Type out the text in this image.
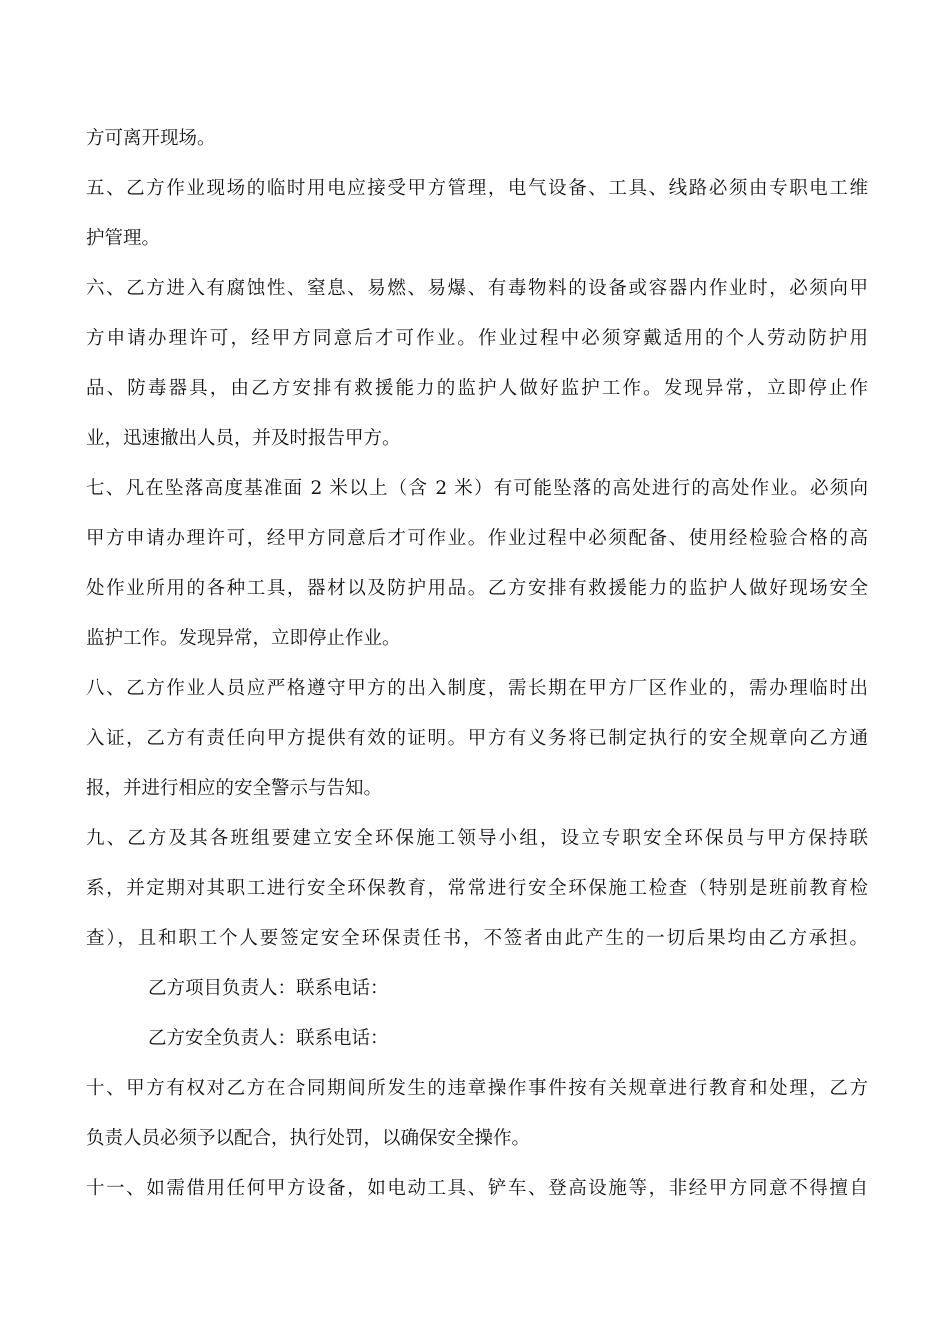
方可离开现场。
五、乙方作业现场的临时用电应接受甲方管理，电气设备、工具、线路必须由专职电工维
护管理。
六、乙方进入有腐蚀性、窒息、易燃、易爆、有毒物料的设备或容器内作业时，必须向甲
方申请办理许可，经甲方同意后才可作业。作业过程中必须穿戴适用的个人劳动防护用
品、防毒器具，由乙方安排有救援能力的监护人做好监护工作。发现异常，立即停止作
业，迅速撤出人员，并及时报告甲方。
七、凡在坠落高度基准面 2 米以上（含 2 米）有可能坠落的高处进行的高处作业。必须向
甲方申请办理许可，经甲方同意后才可作业。作业过程中必须配备、使用经检验合格的高
处作业所用的各种工具，器材以及防护用品。乙方安排有救援能力的监护人做好现场安全
监护工作。发现异常，立即停止作业。
八、乙方作业人员应严格遵守甲方的出入制度，需长期在甲方厂区作业的，需办理临时出
入证，乙方有责任向甲方提供有效的证明。甲方有义务将已制定执行的安全规章向乙方通
报，并进行相应的安全警示与告知。
九、乙方及其各班组要建立安全环保施工领导小组，设立专职安全环保员与甲方保持联
系，并定期对其职工进行安全环保教育，常常进行安全环保施工检查（特别是班前教育检
查），且和职工个人要签定安全环保责任书，不签者由此产生的一切后果均由乙方承担。
乙方项目负责人：联系电话：
乙方安全负责人：联系电话：
十、甲方有权对乙方在合同期间所发生的违章操作事件按有关规章进行教育和处理，乙方
负责人员必须予以配合，执行处罚，以确保安全操作。
十一、如需借用任何甲方设备，如电动工具、铲车、登高设施等，非经甲方同意不得擅自
